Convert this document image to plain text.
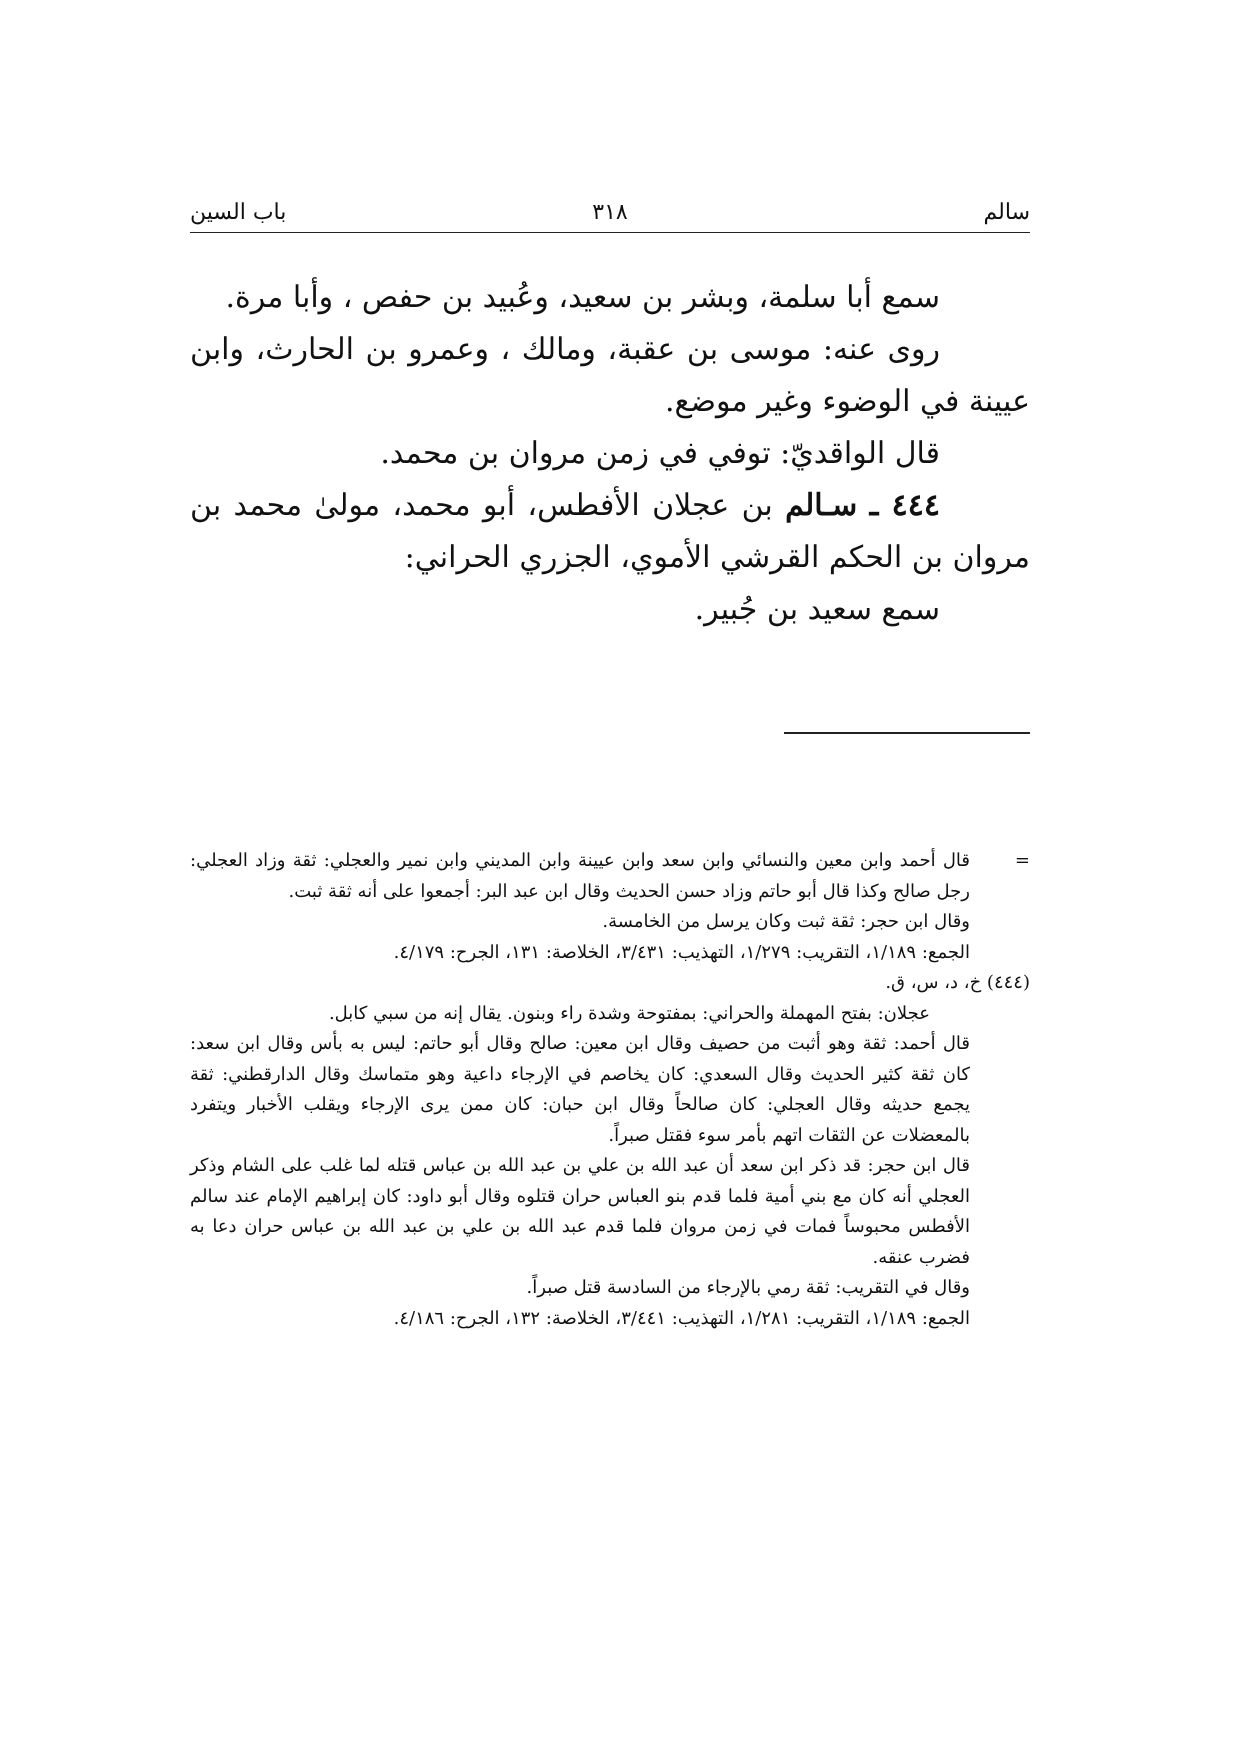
سالم
٣١٨
باب السين

سمع أبا سلمة، وبشر بن سعيد، وعُبيد بن حفص ، وأبا مرة.

روى عنه: موسى بن عقبة، ومالك ، وعمرو بن الحارث، وابن عيينة في الوضوء وغير موضع.

قال الواقديّ: توفي في زمن مروان بن محمد.

٤٤٤ ـ سـالم بن عجلان الأفطس، أبو محمد، مولىٰ محمد بن مروان بن الحكم القرشي الأموي، الجزري الحراني:

سمع سعيد بن جُبير.

=

قال أحمد وابن معين والنسائي وابن سعد وابن عيينة وابن المديني وابن نمير والعجلي: ثقة وزاد العجلي: رجل صالح وكذا قال أبو حاتم وزاد حسن الحديث وقال ابن عبد البر: أجمعوا على أنه ثقة ثبت.

وقال ابن حجر: ثقة ثبت وكان يرسل من الخامسة.

الجمع: ١/١٨٩، التقريب: ١/٢٧٩، التهذيب: ٣/٤٣١، الخلاصة: ١٣١، الجرح: ٤/١٧٩.

(٤٤٤) خ، د، س، ق.

عجلان: بفتح المهملة والحراني: بمفتوحة وشدة راء وبنون. يقال إنه من سبي كابل.

قال أحمد: ثقة وهو أثبت من حصيف وقال ابن معين: صالح وقال أبو حاتم: ليس به بأس وقال ابن سعد: كان ثقة كثير الحديث وقال السعدي: كان يخاصم في الإرجاء داعية وهو متماسك وقال الدارقطني: ثقة يجمع حديثه وقال العجلي: كان صالحاً وقال ابن حبان: كان ممن يرى الإرجاء ويقلب الأخبار ويتفرد بالمعضلات عن الثقات اتهم بأمر سوء فقتل صبراً.

قال ابن حجر: قد ذكر ابن سعد أن عبد الله بن علي بن عبد الله بن عباس قتله لما غلب على الشام وذكر العجلي أنه كان مع بني أمية فلما قدم بنو العباس حران قتلوه وقال أبو داود: كان إبراهيم الإمام عند سالم الأفطس محبوساً فمات في زمن مروان فلما قدم عبد الله بن علي بن عبد الله بن عباس حران دعا به فضرب عنقه.

وقال في التقريب: ثقة رمي بالإرجاء من السادسة قتل صبراً.

الجمع: ١/١٨٩، التقريب: ١/٢٨١، التهذيب: ٣/٤٤١، الخلاصة: ١٣٢، الجرح: ٤/١٨٦.
